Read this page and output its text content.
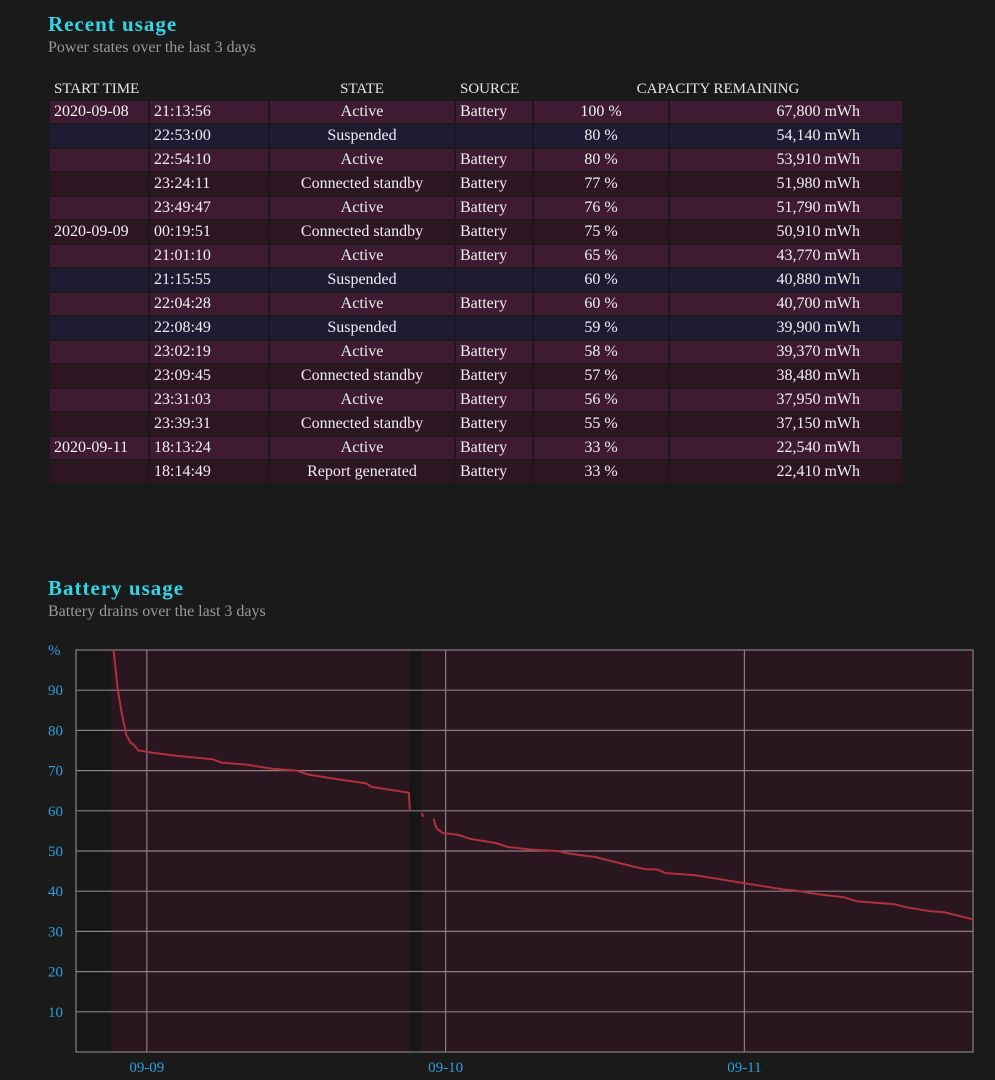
Recent usage
Power states over the last 3 days
START TIME		STATE	SOURCE	CAPACITY REMAINING	
2020-09-08	21:13:56	Active	Battery	100 %	67,800 mWh
	22:53:00	Suspended		80 %	54,140 mWh
	22:54:10	Active	Battery	80 %	53,910 mWh
	23:24:11	Connected standby	Battery	77 %	51,980 mWh
	23:49:47	Active	Battery	76 %	51,790 mWh
2020-09-09	00:19:51	Connected standby	Battery	75 %	50,910 mWh
	21:01:10	Active	Battery	65 %	43,770 mWh
	21:15:55	Suspended		60 %	40,880 mWh
	22:04:28	Active	Battery	60 %	40,700 mWh
	22:08:49	Suspended		59 %	39,900 mWh
	23:02:19	Active	Battery	58 %	39,370 mWh
	23:09:45	Connected standby	Battery	57 %	38,480 mWh
	23:31:03	Active	Battery	56 %	37,950 mWh
	23:39:31	Connected standby	Battery	55 %	37,150 mWh
2020-09-11	18:13:24	Active	Battery	33 %	22,540 mWh
	18:14:49	Report generated	Battery	33 %	22,410 mWh
Battery usage
Battery drains over the last 3 days
10
20
30
40
50
60
70
80
90
%
09-09	09-10	09-11
